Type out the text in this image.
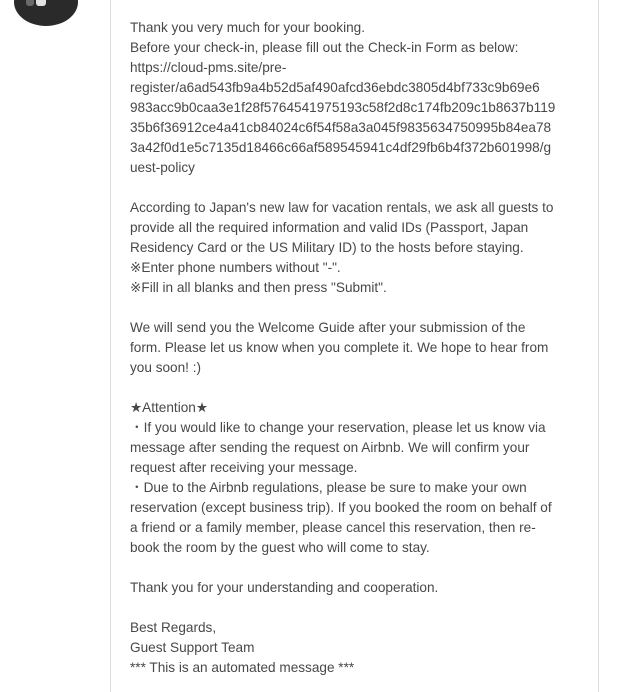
Thank you very much for your booking.
Before your check-in, please fill out the Check-in Form as below:
https://cloud-pms.site/pre-
register/a6ad543fb9a4b52d5af490afcd36ebdc3805d4bf733c9b69e6
983acc9b0caa3e1f28f5764541975193c58f2d8c174fb209c1b8637b119
35b6f36912ce4a41cb84024c6f54f58a3a045f9835634750995b84ea78
3a42f0d1e5c7135d18466c66af589545941c4df29fb6b4f372b601998/g
uest-policy

According to Japan's new law for vacation rentals, we ask all guests to
provide all the required information and valid IDs (Passport, Japan
Residency Card or the US Military ID) to the hosts before staying.
※Enter phone numbers without "-".
※Fill in all blanks and then press "Submit".

We will send you the Welcome Guide after your submission of the
form. Please let us know when you complete it. We hope to hear from
you soon! :)

★Attention★
・If you would like to change your reservation, please let us know via
message after sending the request on Airbnb. We will confirm your
request after receiving your message.
・Due to the Airbnb regulations, please be sure to make your own
reservation (except business trip). If you booked the room on behalf of
a friend or a family member, please cancel this reservation, then re-
book the room by the guest who will come to stay.

Thank you for your understanding and cooperation.

Best Regards,
Guest Support Team
*** This is an automated message ***
